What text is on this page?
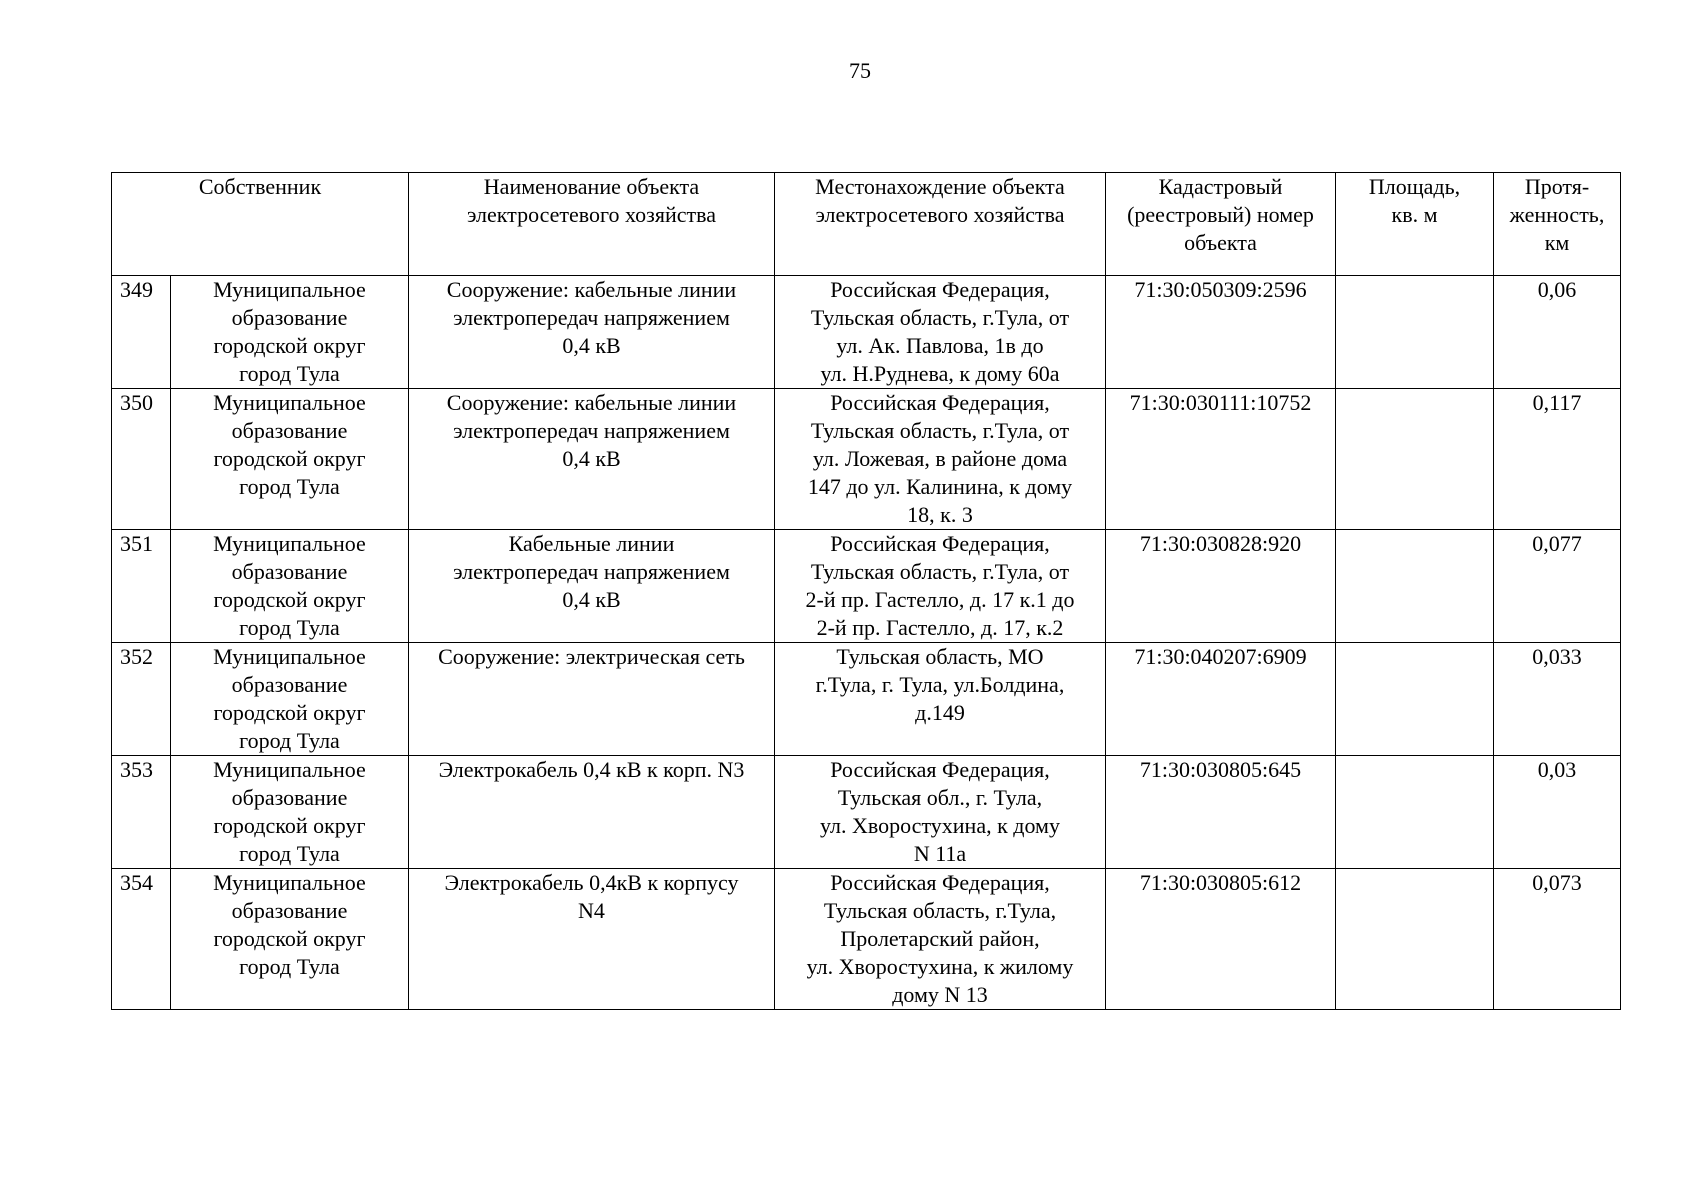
75
Собственник		Наименование объекта
электросетевого хозяйства	Местонахождение объекта
электросетевого хозяйства	Кадастровый
(реестровый) номер
объекта	Площадь,
кв. м	Протя-
женность,
км

349	Муниципальное
образование
городской округ
город Тула	Сооружение: кабельные линии
электропередач напряжением
0,4 кВ	Российская Федерация,
Тульская область, г.Тула, от
ул. Ак. Павлова, 1в до
ул. Н.Руднева, к дому 60а	71:30:050309:2596		0,06

350	Муниципальное
образование
городской округ
город Тула	Сооружение: кабельные линии
электропередач напряжением
0,4 кВ	Российская Федерация,
Тульская область, г.Тула, от
ул. Ложевая, в районе дома
147 до ул. Калинина, к дому
18, к. 3	71:30:030111:10752		0,117

351	Муниципальное
образование
городской округ
город Тула	Кабельные линии
электропередач напряжением
0,4 кВ	Российская Федерация,
Тульская область, г.Тула, от
2-й пр. Гастелло, д. 17 к.1 до
2-й пр. Гастелло, д. 17, к.2	71:30:030828:920		0,077

352	Муниципальное
образование
городской округ
город Тула	Сооружение: электрическая сеть	Тульская область, МО
г.Тула, г. Тула, ул.Болдина,
д.149	71:30:040207:6909		0,033

353	Муниципальное
образование
городской округ
город Тула	Электрокабель 0,4 кВ к корп. N3	Российская Федерация,
Тульская обл., г. Тула,
ул. Хворостухина, к дому
N 11а	71:30:030805:645		0,03

354	Муниципальное
образование
городской округ
город Тула	Электрокабель 0,4кВ к корпусу
N4	Российская Федерация,
Тульская область, г.Тула,
Пролетарский район,
ул. Хворостухина, к жилому
дому N 13	71:30:030805:612		0,073
